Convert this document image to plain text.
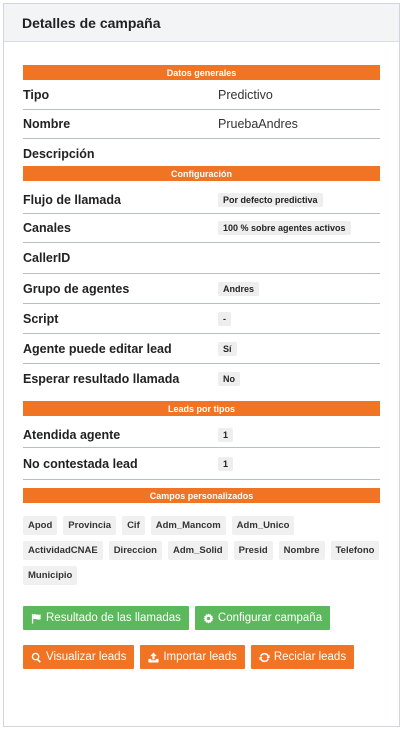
Detalles de campaña
Datos generales
Tipo	Predictivo
Nombre	PruebaAndres
Descripción
Configuración
Flujo de llamada	Por defecto predictiva
Canales	100 % sobre agentes activos
CallerID
Grupo de agentes	Andres
Script	-
Agente puede editar lead	Sí
Esperar resultado llamada	No
Leads por tipos
Atendida agente	1
No contestada lead	1
Campos personalizados
Apod	Provincia	Cif	Adm_Mancom	Adm_Unico
ActividadCNAE	Direccion	Adm_Solid	Presid	Nombre	Telefono
Municipio
Resultado de las llamadas	Configurar campaña
Visualizar leads	Importar leads	Reciclar leads
